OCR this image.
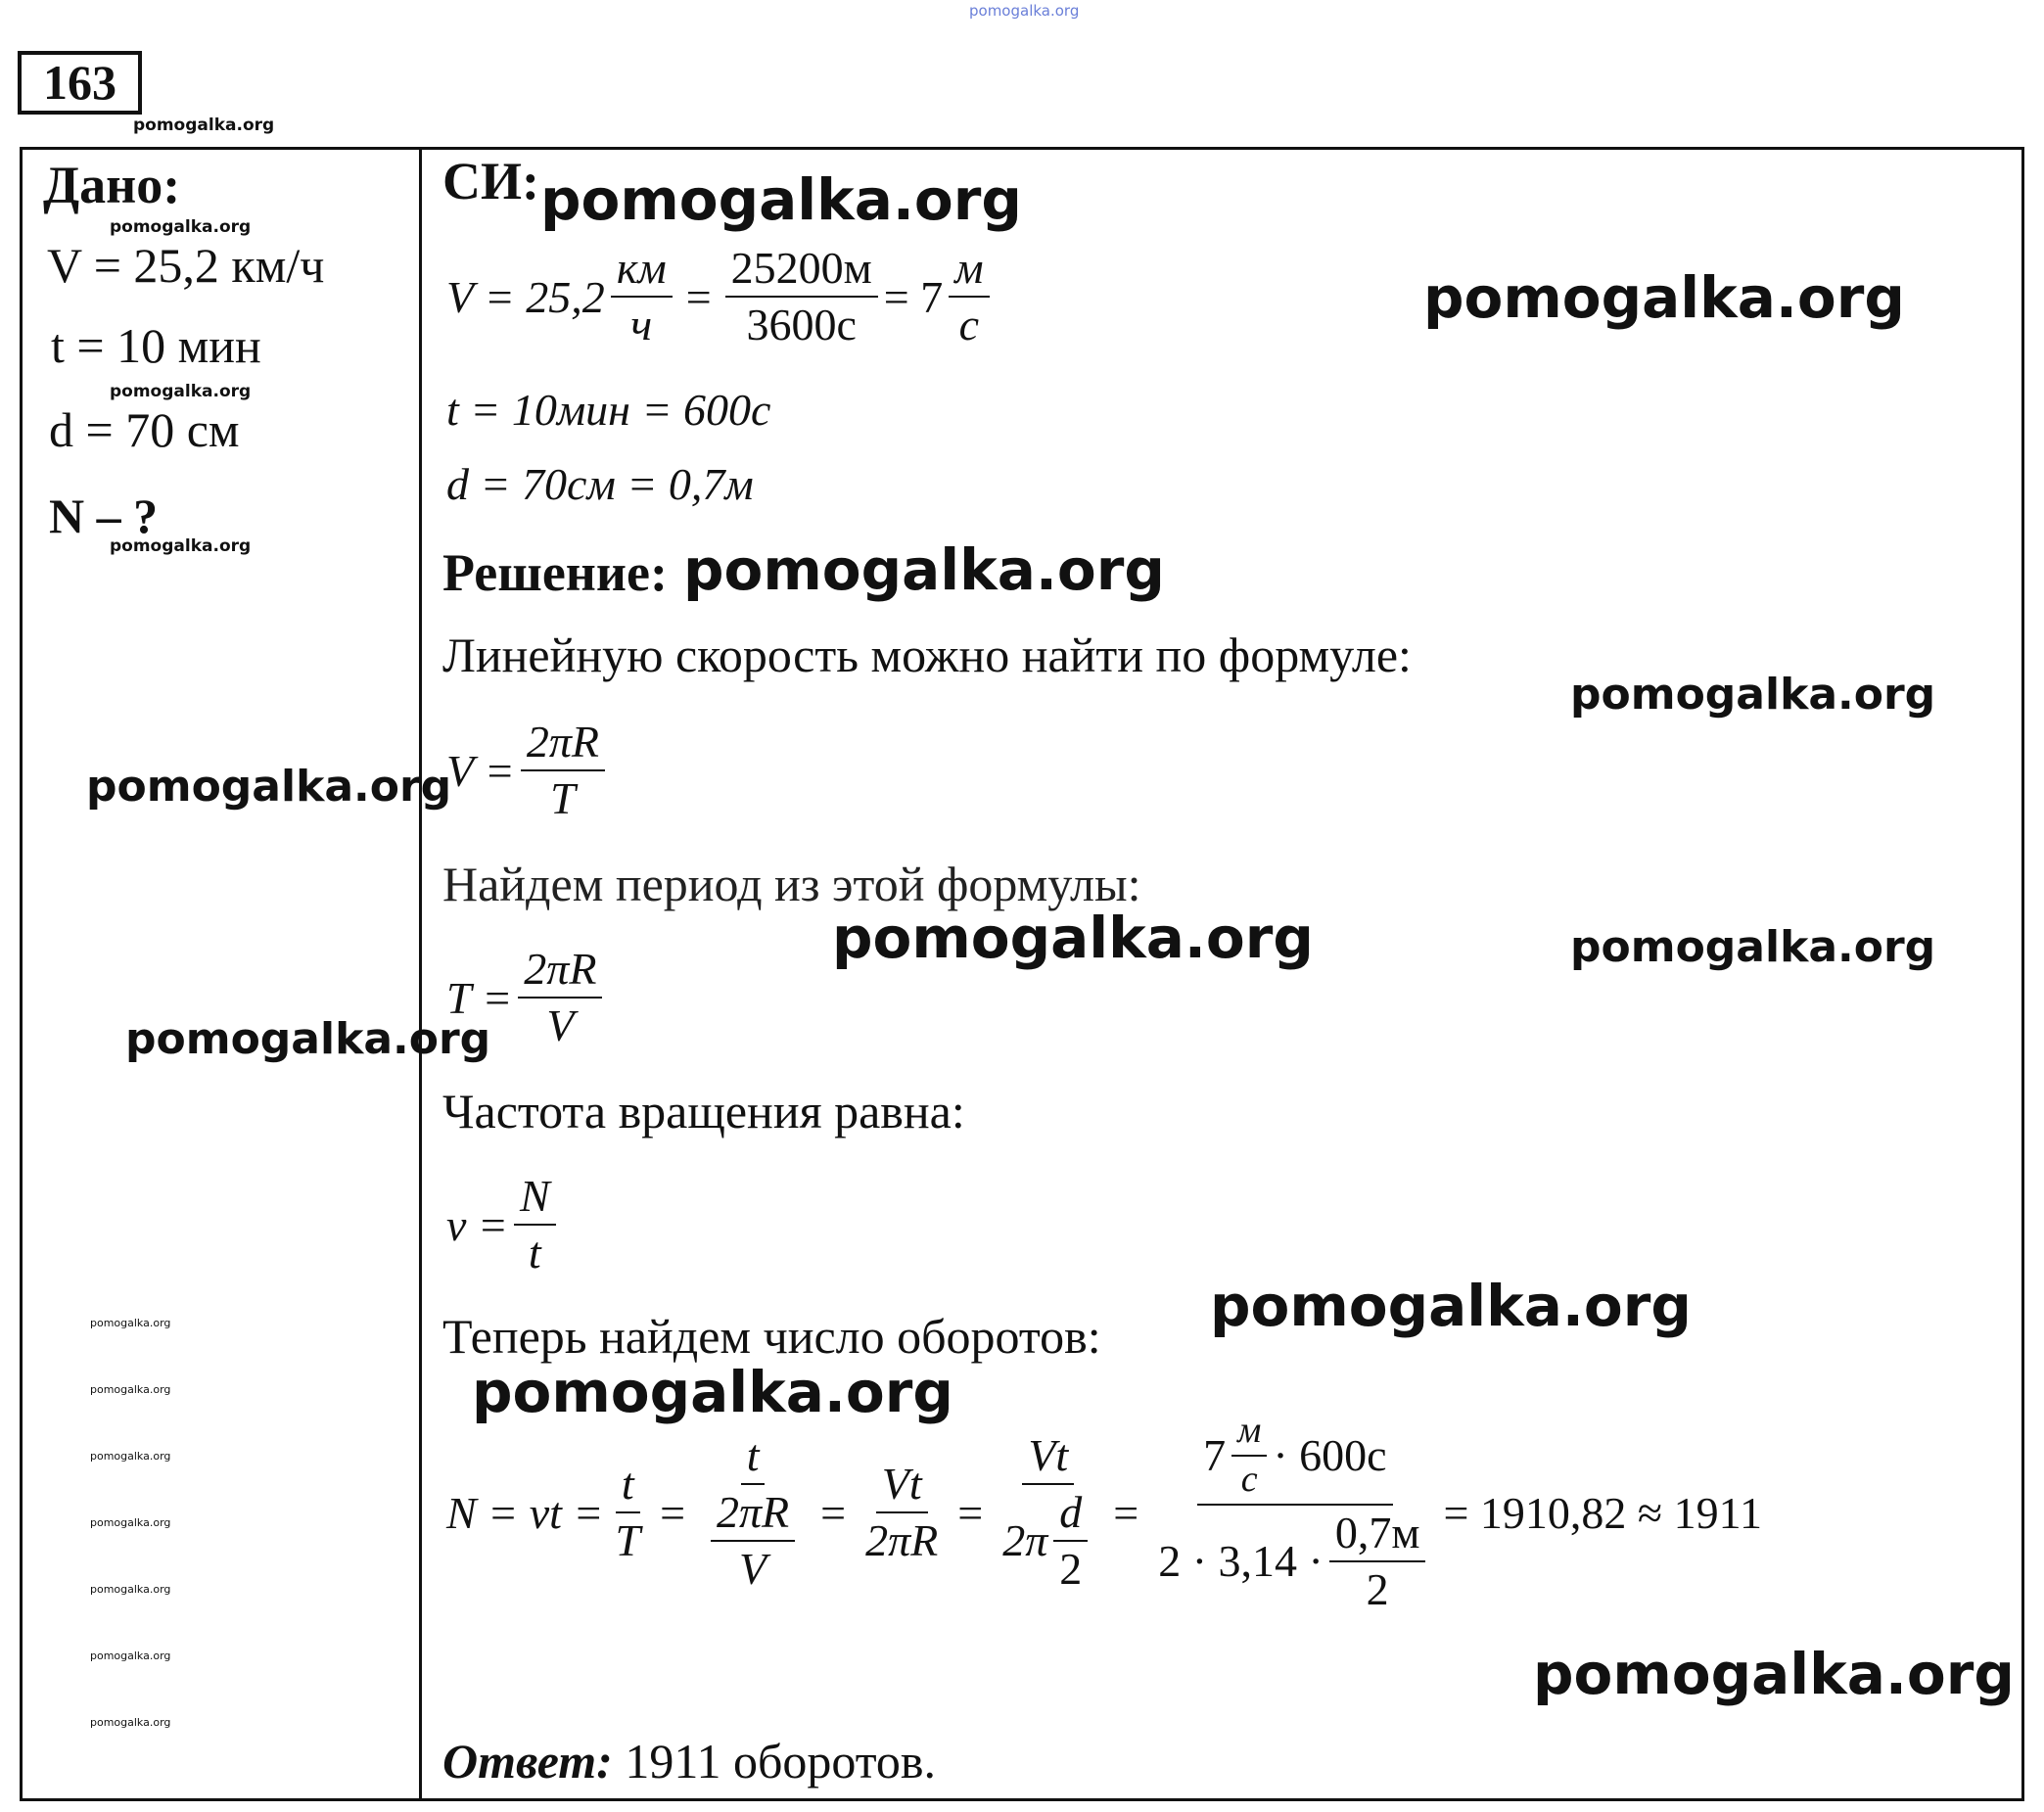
pomogalka.org
163
pomogalka.org
Дано:
pomogalka.org
V = 25,2 км/ч
t = 10 мин
pomogalka.org
d = 70 см
N – ?
pomogalka.org
pomogalka.org
pomogalka.org
pomogalka.org
pomogalka.org
pomogalka.org
pomogalka.org
pomogalka.org
pomogalka.org
pomogalka.org
СИ: pomogalka.org
$V = 25,2 \frac{км}{ч} = \frac{25200м}{3600с} = 7 \frac{м}{с}$	pomogalka.org
t = 10мин = 600с
d = 70см = 0,7м
Решение: pomogalka.org
Линейную скорость можно найти по формуле:
pomogalka.org
$V = \frac{2\pi R}{T}$
Найдем период из этой формулы:
pomogalka.org	pomogalka.org
$T = \frac{2\pi R}{V}$
Частота вращения равна:
$\nu = \frac{N}{t}$
Теперь найдем число оборотов: pomogalka.org
pomogalka.org
$N = \nu t = \frac{t}{T} = \frac{t}{\frac{2\pi R}{V}} = \frac{Vt}{2\pi R} = \frac{Vt}{2\pi \frac{d}{2}} = \frac{7 \frac{м}{с} \cdot 600с}{2 \cdot 3,14 \cdot \frac{0,7м}{2}} = 1910,82 \approx 1911$
pomogalka.org
Ответ: 1911 оборотов.
